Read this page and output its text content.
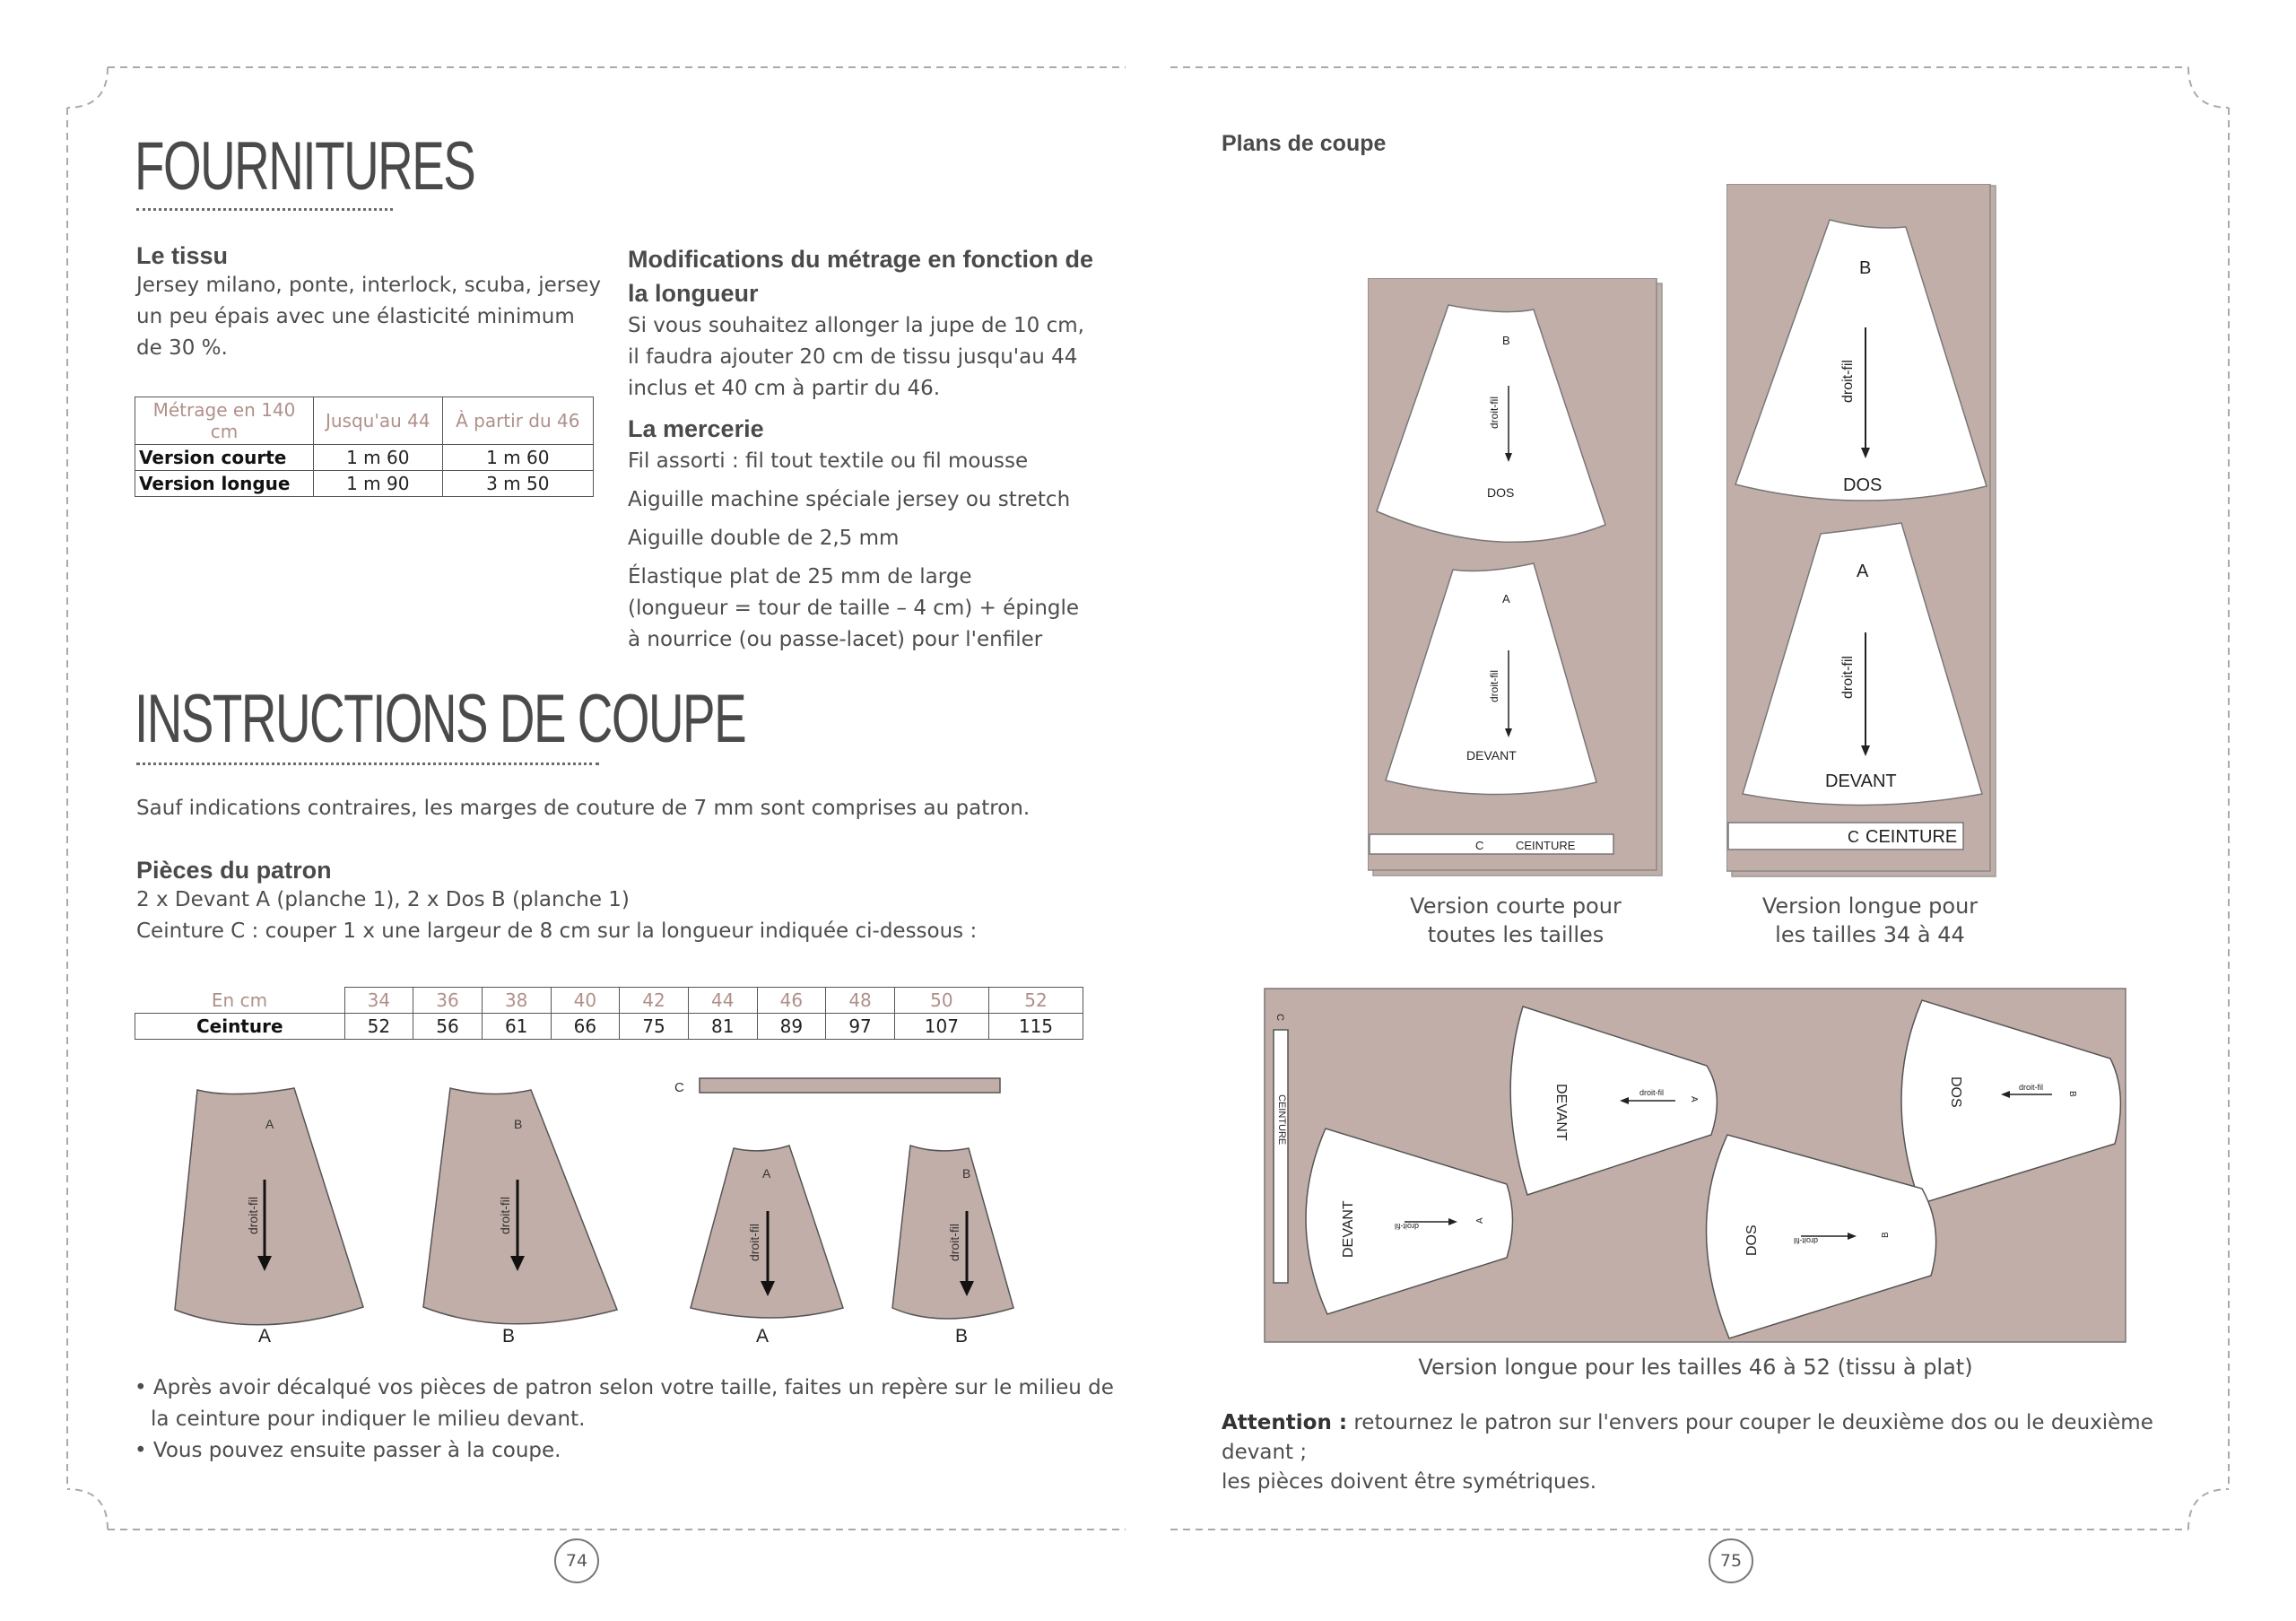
FOURNITURES
Le tissu

Jersey milano, ponte, interlock, scuba, jersey

un peu épais avec une élasticité minimum

de 30 %.

Métrage en 140 cm	Jusqu'au 44	À partir du 46
Version courte	1 m 60	1 m 60
Version longue	1 m 90	3 m 50
Modifications du métrage en fonction de
la longueur

Si vous souhaitez allonger la jupe de 10 cm,

il faudra ajouter 20 cm de tissu jusqu'au 44

inclus et 40 cm à partir du 46.

La mercerie

Fil assorti : fil tout textile ou fil mousse

Aiguille machine spéciale jersey ou stretch

Aiguille double de 2,5 mm

Élastique plat de 25 mm de large

(longueur = tour de taille – 4 cm) + épingle

à nourrice (ou passe-lacet) pour l'enfiler

INSTRUCTIONS DE COUPE
Sauf indications contraires, les marges de couture de 7 mm sont comprises au patron.
Pièces du patron

2 x Devant A (planche 1), 2 x Dos B (planche 1)

Ceinture C : couper 1 x une largeur de 8 cm sur la longueur indiquée ci-dessous :

En cm	34	36	38	40	42	44	46	48	50	52
Ceinture	52	56	61	66	75	81	89	97	107	115
C
A
droit-fil
A
B
droit-fil
B
A
droit-fil
A
B
droit-fil
B

• Après avoir décalqué vos pièces de patron selon votre taille, faites un repère sur le milieu de

la ceinture pour indiquer le milieu devant.

• Vous pouvez ensuite passer à la coupe.

74
Plans de coupe
B
droit-fil
DOS
A
droit-fil
DEVANT
C	CEINTURE
Version courte pour
toutes les tailles
B
droit-fil
DOS
A
droit-fil
DEVANT
C CEINTURE
Version longue pour
les tailles 34 à 44
C
CEINTURE	DEVANT	A
droit-fil
DEVANT	A
droit-fil
DOS	B
droit-fil
DOS	B
droit-fil
Version longue pour les tailles 46 à 52 (tissu à plat)

Attention : retournez le patron sur l'envers pour couper le deuxième dos ou le deuxième devant ;

les pièces doivent être symétriques.

75
